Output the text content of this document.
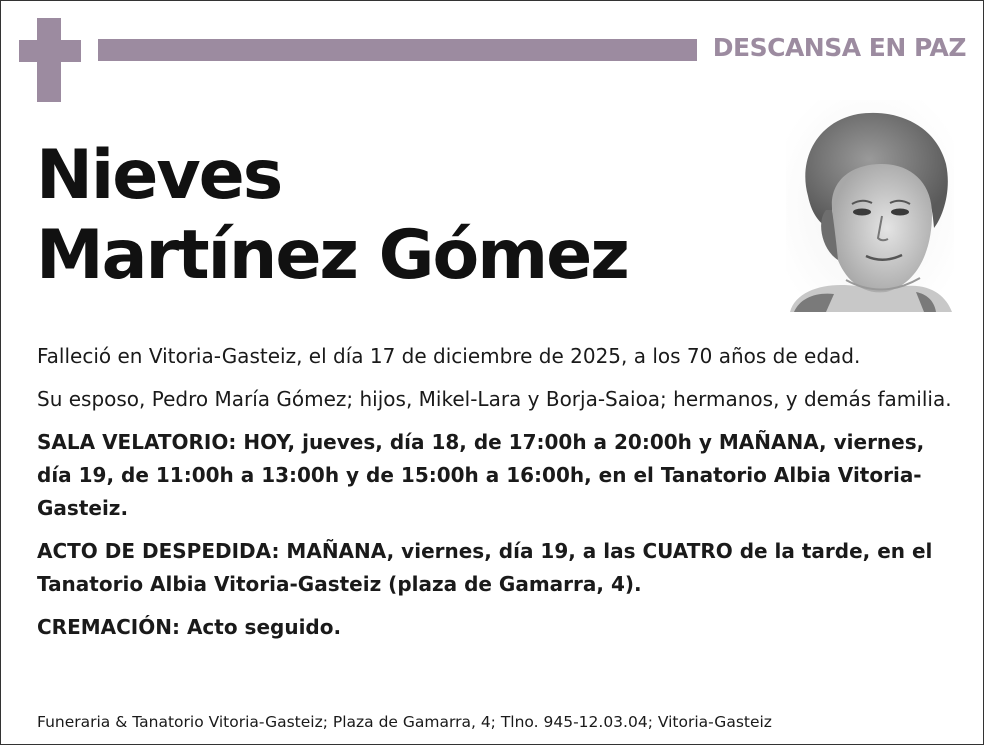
DESCANSA EN PAZ
Nieves
Martínez Gómez

Falleció en Vitoria-Gasteiz, el día 17 de diciembre de 2025, a los 70 años de edad.

Su esposo, Pedro María Gómez; hijos, Mikel-Lara y Borja-Saioa; hermanos, y demás familia.

SALA VELATORIO: HOY, jueves, día 18, de 17:00h a 20:00h y MAÑANA, viernes, día 19, de 11:00h a 13:00h y de 15:00h a 16:00h, en el Tanatorio Albia Vitoria-Gasteiz.

ACTO DE DESPEDIDA: MAÑANA, viernes, día 19, a las CUATRO de la tarde, en el Tanatorio Albia Vitoria-Gasteiz (plaza de Gamarra, 4).

CREMACIÓN: Acto seguido.

Funeraria & Tanatorio Vitoria-Gasteiz; Plaza de Gamarra, 4; Tlno. 945-12.03.04; Vitoria-Gasteiz
